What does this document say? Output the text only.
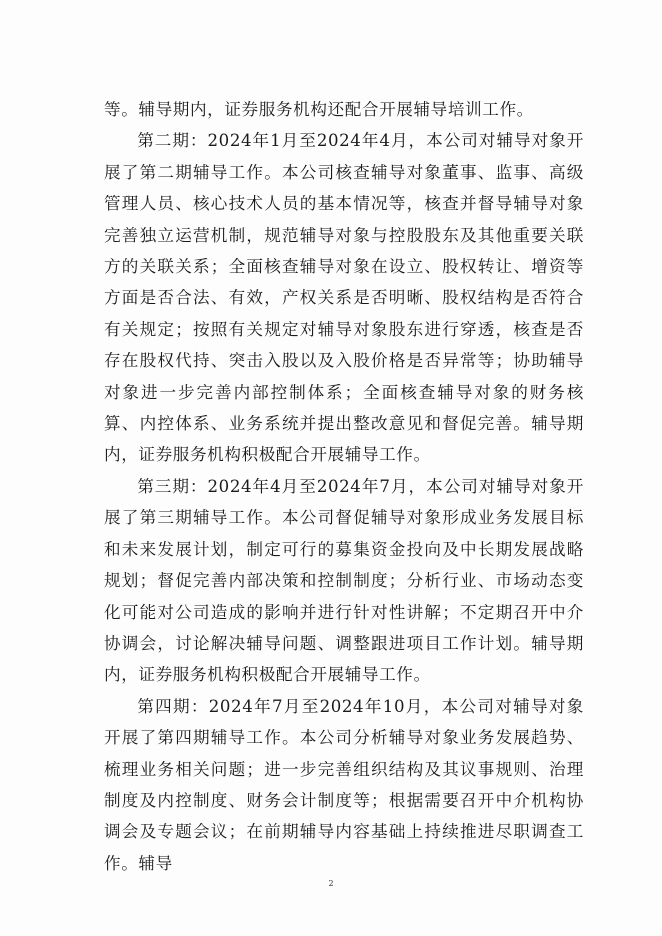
等。辅导期内，证券服务机构还配合开展辅导培训工作。

第二期：2024年1月至2024年4月，本公司对辅导对象开展了第二期辅导工作。本公司核查辅导对象董事、监事、高级管理人员、核心技术人员的基本情况等，核查并督导辅导对象完善独立运营机制，规范辅导对象与控股股东及其他重要关联方的关联关系；全面核查辅导对象在设立、股权转让、增资等方面是否合法、有效，产权关系是否明晰、股权结构是否符合有关规定；按照有关规定对辅导对象股东进行穿透，核查是否存在股权代持、突击入股以及入股价格是否异常等；协助辅导对象进一步完善内部控制体系；全面核查辅导对象的财务核算、内控体系、业务系统并提出整改意见和督促完善。辅导期内，证券服务机构积极配合开展辅导工作。

第三期：2024年4月至2024年7月，本公司对辅导对象开展了第三期辅导工作。本公司督促辅导对象形成业务发展目标和未来发展计划，制定可行的募集资金投向及中长期发展战略规划；督促完善内部决策和控制制度；分析行业、市场动态变化可能对公司造成的影响并进行针对性讲解；不定期召开中介协调会，讨论解决辅导问题、调整跟进项目工作计划。辅导期内，证券服务机构积极配合开展辅导工作。

第四期：2024年7月至2024年10月，本公司对辅导对象开展了第四期辅导工作。本公司分析辅导对象业务发展趋势、梳理业务相关问题；进一步完善组织结构及其议事规则、治理制度及内控制度、财务会计制度等；根据需要召开中介机构协调会及专题会议；在前期辅导内容基础上持续推进尽职调查工作。辅导

2
